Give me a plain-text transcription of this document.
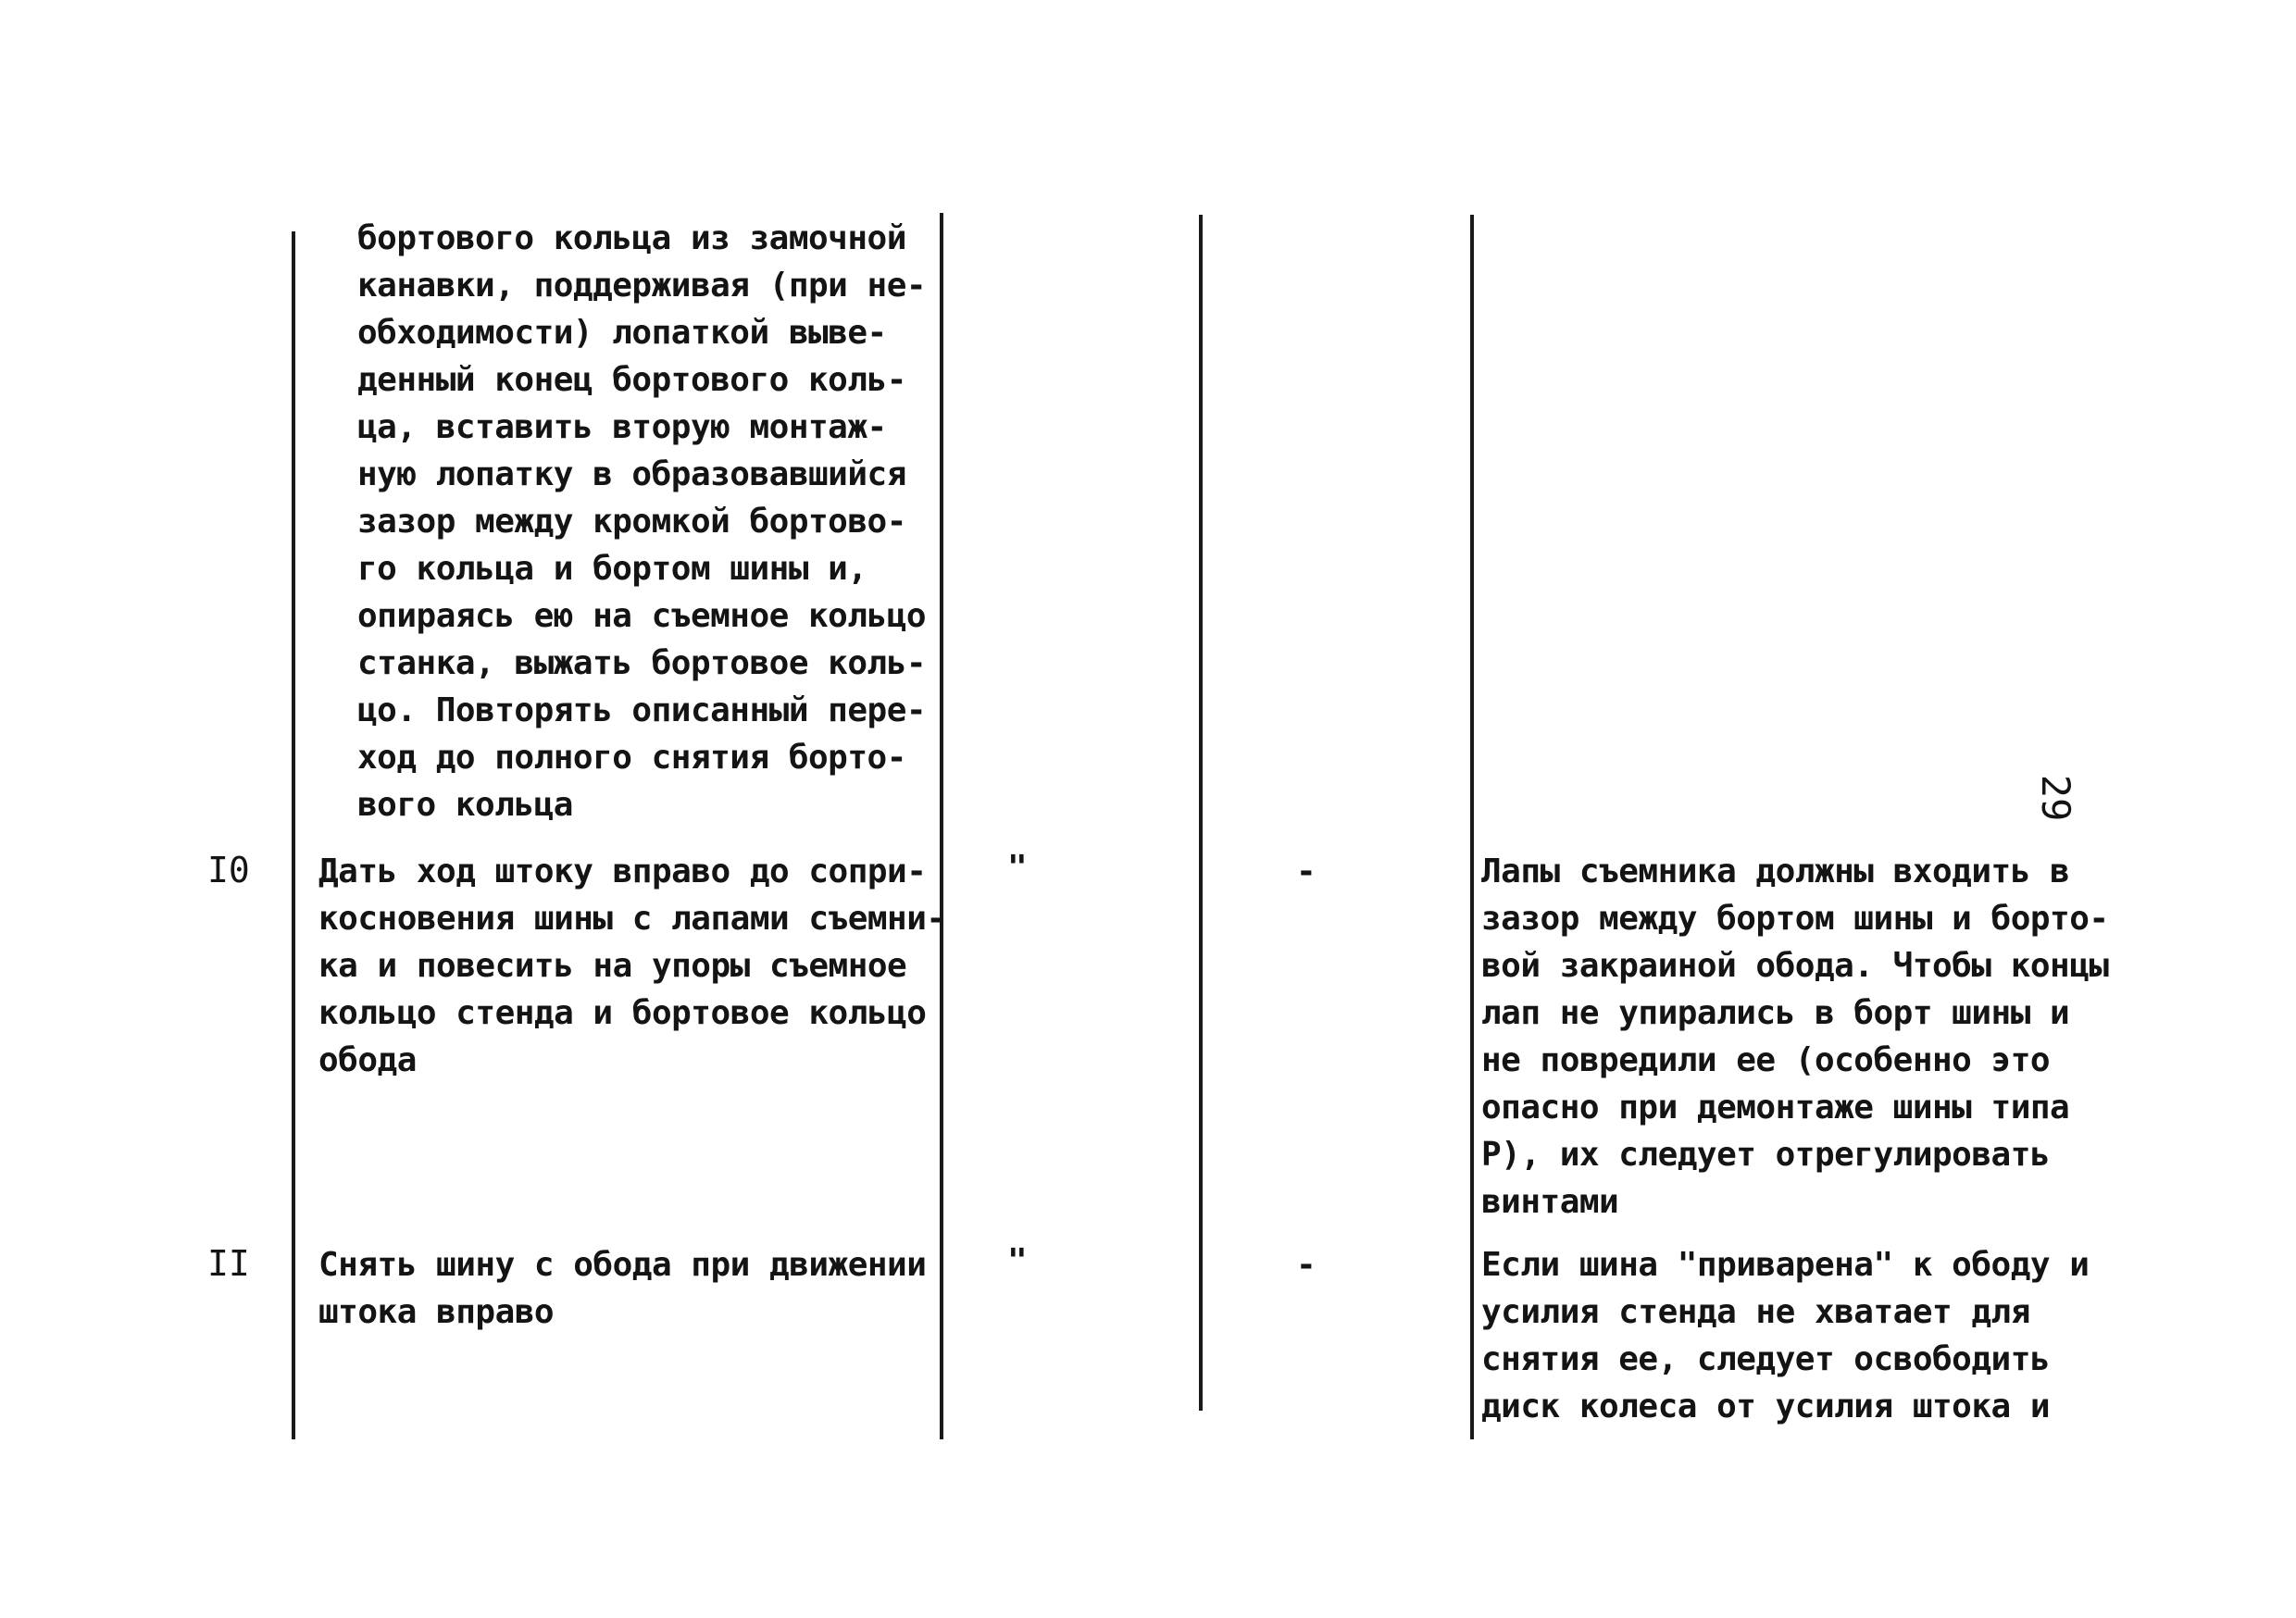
бортового кольца из замочной
канавки, поддерживая (при не-
обходимости) лопаткой выве-
денный конец бортового коль-
ца, вставить вторую монтаж-
ную лопатку в образовавшийся
зазор между кромкой бортово-
го кольца и бортом шины и,
опираясь ею на съемное кольцо
станка, выжать бортовое коль-
цо. Повторять описанный пере-
ход до полного снятия борто-
вого кольца
I0 Дать ход штоку вправо до сопри-
косновения шины с лапами съемни-
ка и повесить на упоры съемное
кольцо стенда и бортовое кольцо
обода
"	-	Лапы съемника должны входить в
зазор между бортом шины и борто-
вой закраиной обода. Чтобы концы
лап не упирались в борт шины и
не повредили ее (особенно это
опасно при демонтаже шины типа
Р), их следует отрегулировать
винтами
II Снять шину с обода при движении
штока вправо
"	-	Если шина "приварена" к ободу и
усилия стенда не хватает для
снятия ее, следует освободить
диск колеса от усилия штока и
29
